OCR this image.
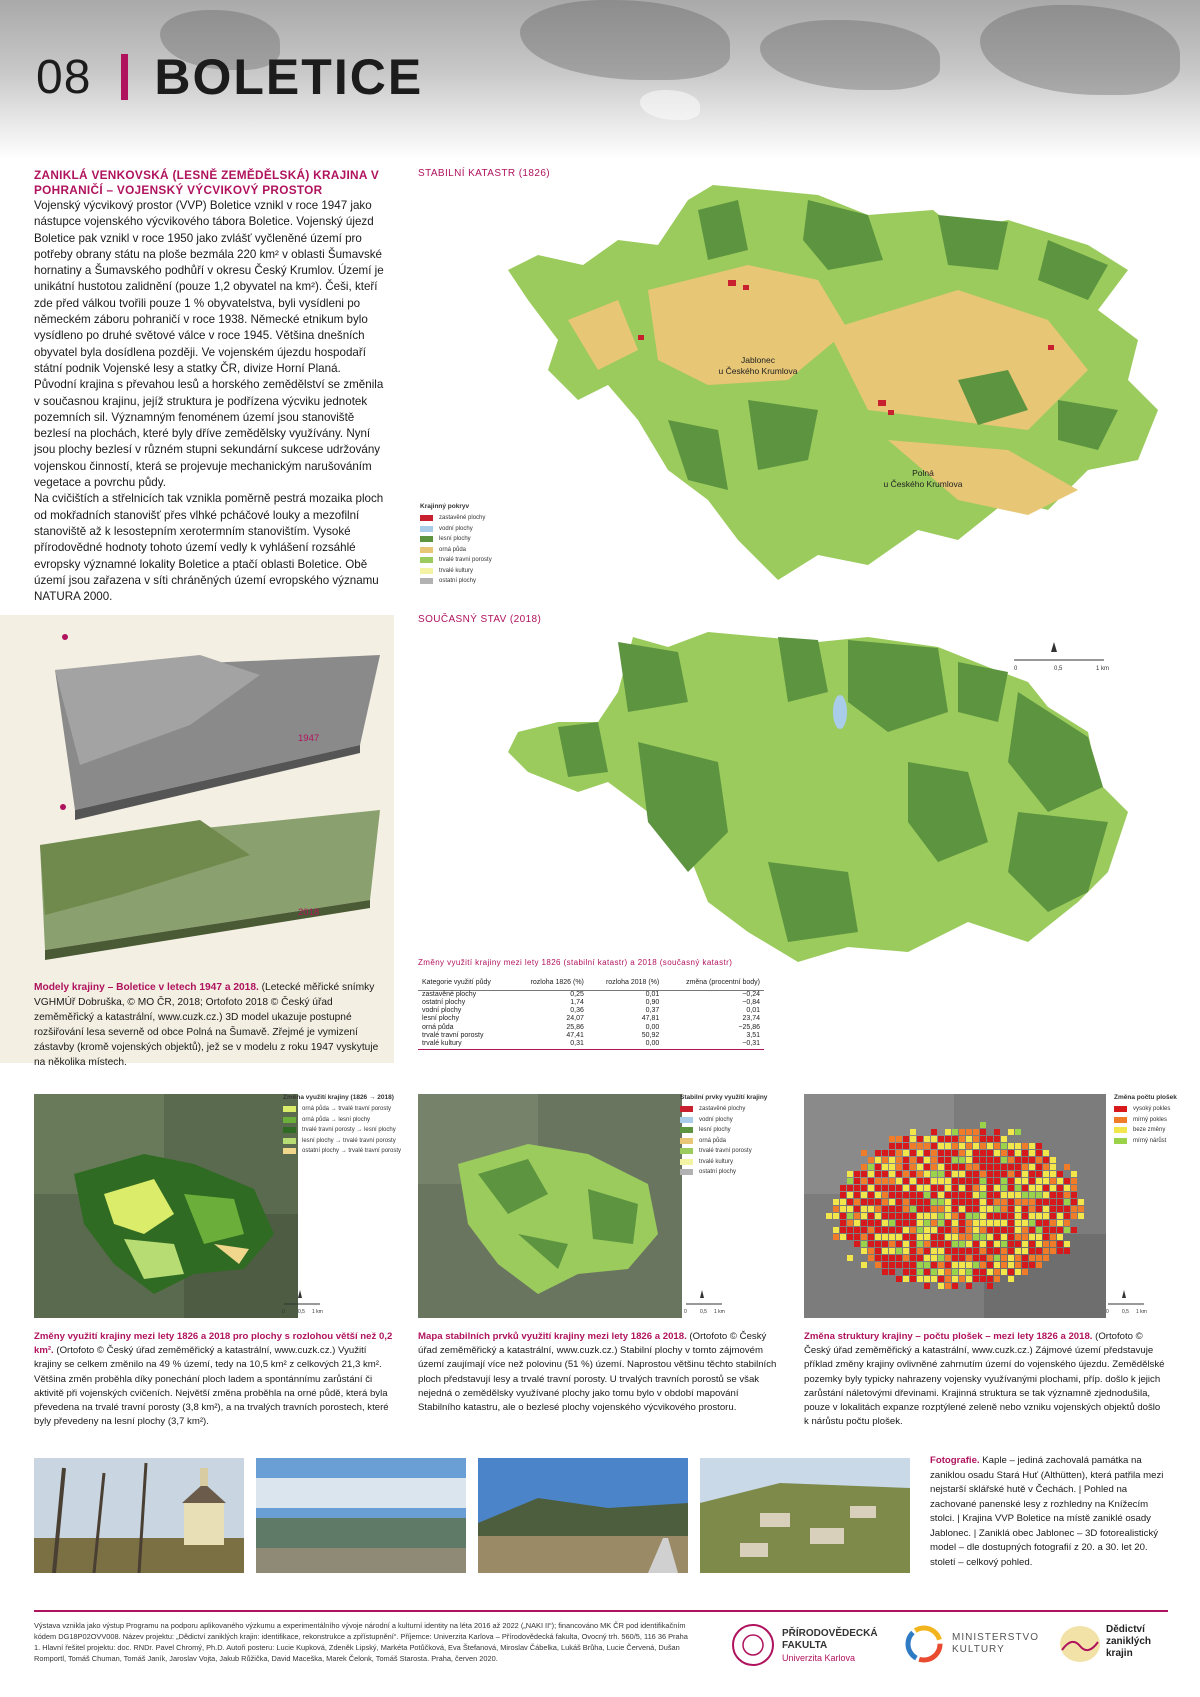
08 BOLETICE
ZANIKLÁ VENKOVSKÁ (LESNĚ ZEMĚDĚLSKÁ) KRAJINA V POHRANIČÍ – VOJENSKÝ VÝCVIKOVÝ PROSTOR

Vojenský výcvikový prostor (VVP) Boletice vznikl v roce 1947 jako nástupce vojenského výcvikového tábora Boletice. Vojenský újezd Boletice pak vznikl v roce 1950 jako zvlášť vyčleněné území pro potřeby obrany státu na ploše bezmála 220 km² v oblasti Šumavské hornatiny a Šumavského podhůří v okresu Český Krumlov. Území je unikátní hustotou zalidnění (pouze 1,2 obyvatel na km²). Češi, kteří zde před válkou tvořili pouze 1 % obyvatelstva, byli vysídleni po německém záboru pohraničí v roce 1938. Německé etnikum bylo vysídleno po druhé světové válce v roce 1945. Většina dnešních obyvatel byla dosídlena později. Ve vojenském újezdu hospodaří státní podnik Vojenské lesy a statky ČR, divize Horní Planá.

Původní krajina s převahou lesů a horského zemědělství se změnila v současnou krajinu, jejíž struktura je podřízena výcviku jednotek pozemních sil. Významným fenoménem území jsou stanoviště bezlesí na plochách, které byly dříve zemědělsky využívány. Nyní jsou plochy bezlesí v různém stupni sekundární sukcese udržovány vojenskou činností, která se projevuje mechanickým narušováním vegetace a povrchu půdy.

Na cvičištích a střelnicích tak vznikla poměrně pestrá mozaika ploch od mokřadních stanovišť přes vlhké pcháčové louky a mezofilní stanoviště až k lesostepním xerotermním stanovištím. Vysoké přírodovědné hodnoty tohoto území vedly k vyhlášení rozsáhlé evropsky významné lokality Boletice a ptačí oblasti Boletice. Obě území jsou zařazena v síti chráněných území evropského významu NATURA 2000.

STABILNÍ KATASTR (1826)
Jablonec
u Českého Krumlova
Polná
u Českého Krumlova
Krajinný pokryv
zastavěné plochy
vodní plochy
lesní plochy
orná půda
trvalé travní porosty
trvalé kultury
ostatní plochy
SOUČASNÝ STAV (2018)
0	0,5	1 km
1947
2018
Modely krajiny – Boletice v letech 1947 a 2018. (Letecké měřické snímky VGHMÚř Dobruška, © MO ČR, 2018; Ortofoto 2018 © Český úřad zeměměřický a katastrální, www.cuzk.cz.) 3D model ukazuje postupné rozšiřování lesa severně od obce Polná na Šumavě. Zřejmé je vymizení zástavby (kromě vojenských objektů), jež se v modelu z roku 1947 vyskytuje na několika místech.
Změny využití krajiny mezi lety 1826 (stabilní katastr) a 2018 (současný katastr)
Kategorie využití půdy	rozloha 1826 (%)	rozloha 2018 (%)	změna (procentní body)
zastavěné plochy	0,25	0,01	−0,24
ostatní plochy	1,74	0,90	−0,84
vodní plochy	0,36	0,37	0,01
lesní plochy	24,07	47,81	23,74
orná půda	25,86	0,00	−25,86
trvalé travní porosty	47,41	50,92	3,51
trvalé kultury	0,31	0,00	−0,31
Změna využití krajiny (1826 → 2018)
orná půda → trvalé travní porosty
orná půda → lesní plochy
trvalé travní porosty → lesní plochy
lesní plochy → trvalé travní porosty
ostatní plochy → trvalé travní porosty
Stabilní prvky využití krajiny
zastavěné plochy
vodní plochy
lesní plochy
orná půda
trvalé travní porosty
trvalé kultury
ostatní plochy
Změna počtu plošek
vysoký pokles
mírný pokles
beze změny
mírný nárůst
0	0,5 1 km	0	0,5 1 km	0	0,5 1 km
Změny využití krajiny mezi lety 1826 a 2018 pro plochy s rozlohou větší než 0,2 km². (Ortofoto © Český úřad zeměměřický a katastrální, www.cuzk.cz.) Využití krajiny se celkem změnilo na 49 % území, tedy na 10,5 km² z celkových 21,3 km². Většina změn proběhla díky ponechání ploch ladem a spontánnímu zarůstání či aktivitě při vojenských cvičeních. Největší změna proběhla na orné půdě, která byla převedena na trvalé travní porosty (3,8 km²), a na trvalých travních porostech, které byly převedeny na lesní plochy (3,7 km²).
Mapa stabilních prvků využití krajiny mezi lety 1826 a 2018. (Ortofoto © Český úřad zeměměřický a katastrální, www.cuzk.cz.) Stabilní plochy v tomto zájmovém území zaujímají více než polovinu (51 %) území. Naprostou většinu těchto stabilních ploch představují lesy a trvalé travní porosty. U trvalých travních porostů se však nejedná o zemědělsky využívané plochy jako tomu bylo v období mapování Stabilního katastru, ale o bezlesé plochy vojenského výcvikového prostoru.
Změna struktury krajiny – počtu plošek – mezi lety 1826 a 2018. (Ortofoto © Český úřad zeměměřický a katastrální, www.cuzk.cz.) Zájmové území představuje příklad změny krajiny ovlivněné zahrnutím území do vojenského újezdu. Zemědělské pozemky byly typicky nahrazeny vojensky využívanými plochami, příp. došlo k jejich zarůstání náletovými dřevinami. Krajinná struktura se tak významně zjednodušila, pouze v lokalitách expanze rozptýlené zeleně nebo vzniku vojenských objektů došlo k nárůstu počtu plošek.
Fotografie. Kaple – jediná zachovalá památka na zaniklou osadu Stará Huť (Althütten), která patřila mezi nejstarší sklářské hutě v Čechách. | Pohled na zachované panenské lesy z rozhledny na Knížecím stolci. | Krajina VVP Boletice na místě zaniklé osady Jablonec. | Zaniklá obec Jablonec – 3D fotorealistický model – dle dostupných fotografií z 20. a 30. let 20. století – celkový pohled.
Výstava vznikla jako výstup Programu na podporu aplikovaného výzkumu a experimentálního vývoje národní a kulturní identity na léta 2016 až 2022 („NAKI II“); financováno MK ČR pod identifikačním kódem DG18P02OVV008. Název projektu: „Dědictví zaniklých krajin: identifikace, rekonstrukce a zpřístupnění“. Příjemce: Univerzita Karlova – Přírodovědecká fakulta, Ovocný trh. 560/5, 116 36 Praha 1. Hlavní řešitel projektu: doc. RNDr. Pavel Chromý, Ph.D. Autoři posteru: Lucie Kupková, Zdeněk Lipský, Markéta Potůčková, Eva Štefanová, Miroslav Čábelka, Lukáš Brůha, Lucie Červená, Dušan Romportl, Tomáš Chuman, Tomáš Janík, Jaroslav Vojta, Jakub Růžička, David Maceška, Marek Čelonk, Tomáš Starosta. Praha, červen 2020.
PŘÍRODOVĚDECKÁ
FAKULTA
Univerzita Karlova
MINISTERSTVO
KULTURY
Dědictví
zaniklých
krajin
